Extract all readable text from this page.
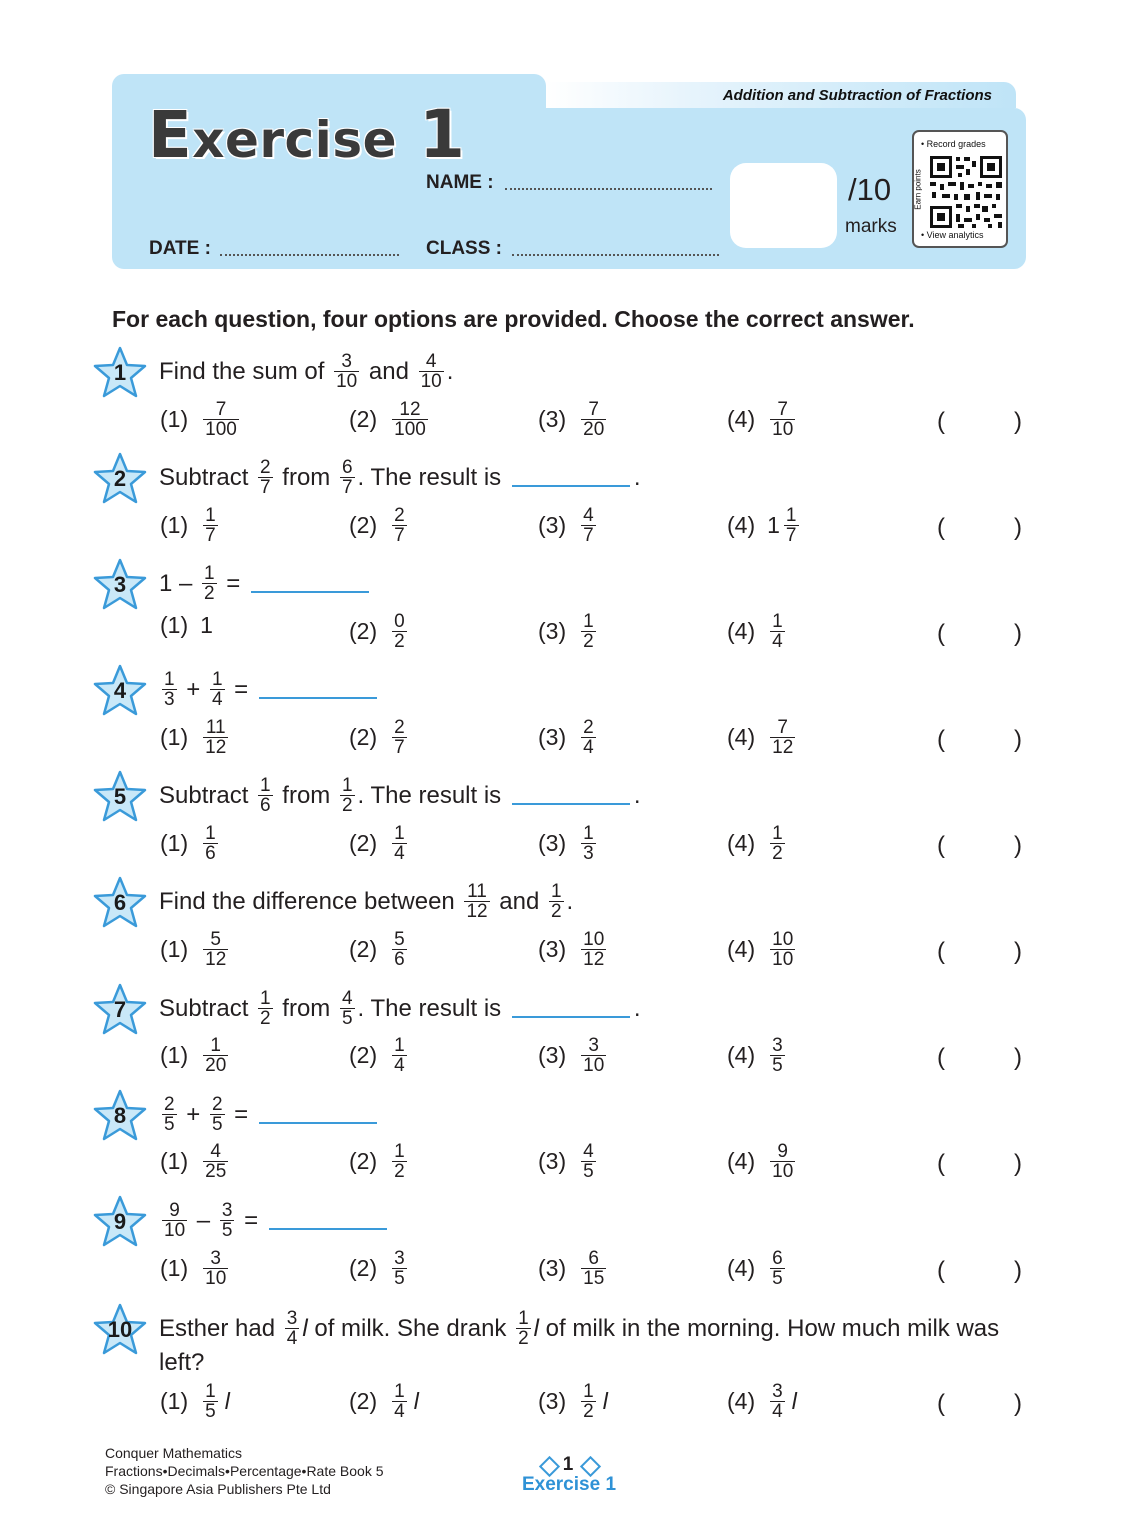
Addition and Subtraction of Fractions

Exercise 1
NAME :
DATE :	CLASS :
/10
marks
• Record grades
Earn points
• View analytics

For each question, four options are provided. Choose the correct answer.

1	Find the sum of $\frac{3}{10}$ and $\frac{4}{10}$ .
$(1) \frac{7}{100}$	$(2) \frac{12}{100}$	$(3) \frac{7}{20}$	$(4) \frac{7}{10}$	(	)
2	Subtract $\frac{2}{7}$ from $\frac{6}{7}$ . The result is	.
$(1) \frac{1}{7}$	$(2) \frac{2}{7}$	$(3) \frac{4}{7}$	(4) $1 \frac{1}{7}$	(	)
3	$1 - \frac{1}{2}$ =
(1) 1	$(2) \frac{0}{2}$	$(3) \frac{1}{2}$	$(4) \frac{1}{4}$	(	)
4	$\frac{1}{3} + \frac{1}{4}$ =
$(1) \frac{11}{12}$	$(2) \frac{2}{7}$	$(3) \frac{2}{4}$	$(4) \frac{7}{12}$	(	)
5	Subtract $\frac{1}{6}$ from $\frac{1}{2}$ . The result is	.
$(1) \frac{1}{6}$	$(2) \frac{1}{4}$	$(3) \frac{1}{3}$	$(4) \frac{1}{2}$	(	)
6	Find the difference between $\frac{11}{12}$ and $\frac{1}{2}$ .
$(1) \frac{5}{12}$	$(2) \frac{5}{6}$	$(3) \frac{10}{12}$	$(4) \frac{10}{10}$	(	)
7	Subtract $\frac{1}{2}$ from $\frac{4}{5}$ . The result is	.
$(1) \frac{1}{20}$	$(2) \frac{1}{4}$	$(3) \frac{3}{10}$	$(4) \frac{3}{5}$	(	)
8	$\frac{2}{5} + \frac{2}{5}$ =
$(1) \frac{4}{25}$	$(2) \frac{1}{2}$	$(3) \frac{4}{5}$	$(4) \frac{9}{10}$	(	)
9	$\frac{9}{10} - \frac{3}{5}$ =
$(1) \frac{3}{10}$	$(2) \frac{3}{5}$	$(3) \frac{6}{15}$	$(4) \frac{6}{5}$	(	)
10	Esther had $\frac{3}{4}$ l of milk. She drank $\frac{1}{2}$ l of milk in the morning. How much milk was
left?
$(1) \frac{1}{5}$ l	$(2) \frac{1}{4}$ l	$(3) \frac{1}{2}$ l	$(4) \frac{3}{4}$ l	(	)
Conquer Mathematics
Fractions•Decimals•Percentage•Rate Book 5
© Singapore Asia Publishers Pte Ltd
1
Exercise 1
